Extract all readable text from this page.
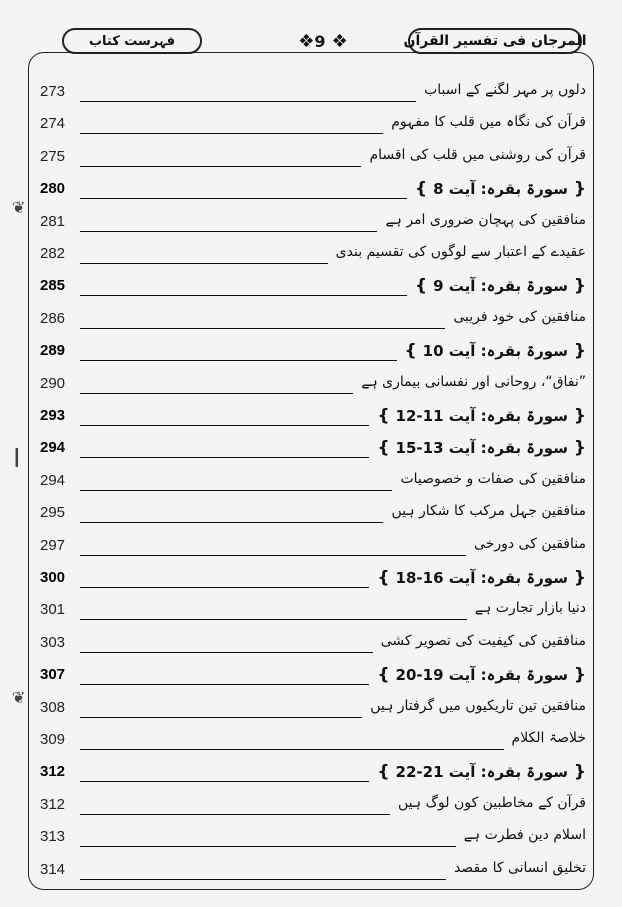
❦
┃
❦
فہرست کتاب	❖9❖	المرجان فی تفسیر القرآن
273	دلوں پر مہر لگنے کے اسباب
274	قرآن کی نگاہ میں قلب کا مفہوم
275	قرآن کی روشنی میں قلب کی اقسام
280	{ سورۃ بقرہ: آیت 8 }
281	منافقین کی پہچان ضروری امر ہے
282	عقیدے کے اعتبار سے لوگوں کی تقسیم بندی
285	{ سورۃ بقرہ: آیت 9 }
286	منافقین کی خود فریبی
289	{ سورۃ بقرہ: آیت 10 }
290	”نفاق“، روحانی اور نفسانی بیماری ہے
293	{ سورۃ بقرہ: آیت 11-12 }
294	{ سورۃ بقرہ: آیت 13-15 }
294	منافقین کی صفات و خصوصیات
295	منافقین جہل مرکب کا شکار ہیں
297	منافقین کی دورخی
300	{ سورۃ بقرہ: آیت 16-18 }
301	دنیا بازار تجارت ہے
303	منافقین کی کیفیت کی تصویر کشی
307	{ سورۃ بقرہ: آیت 19-20 }
308	منافقین تین تاریکیوں میں گرفتار ہیں
309	خلاصۃ الکلام
312	{ سورۃ بقرہ: آیت 21-22 }
312	قرآن کے مخاطبین کون لوگ ہیں
313	اسلام دین فطرت ہے
314	تخلیق انسانی کا مقصد
